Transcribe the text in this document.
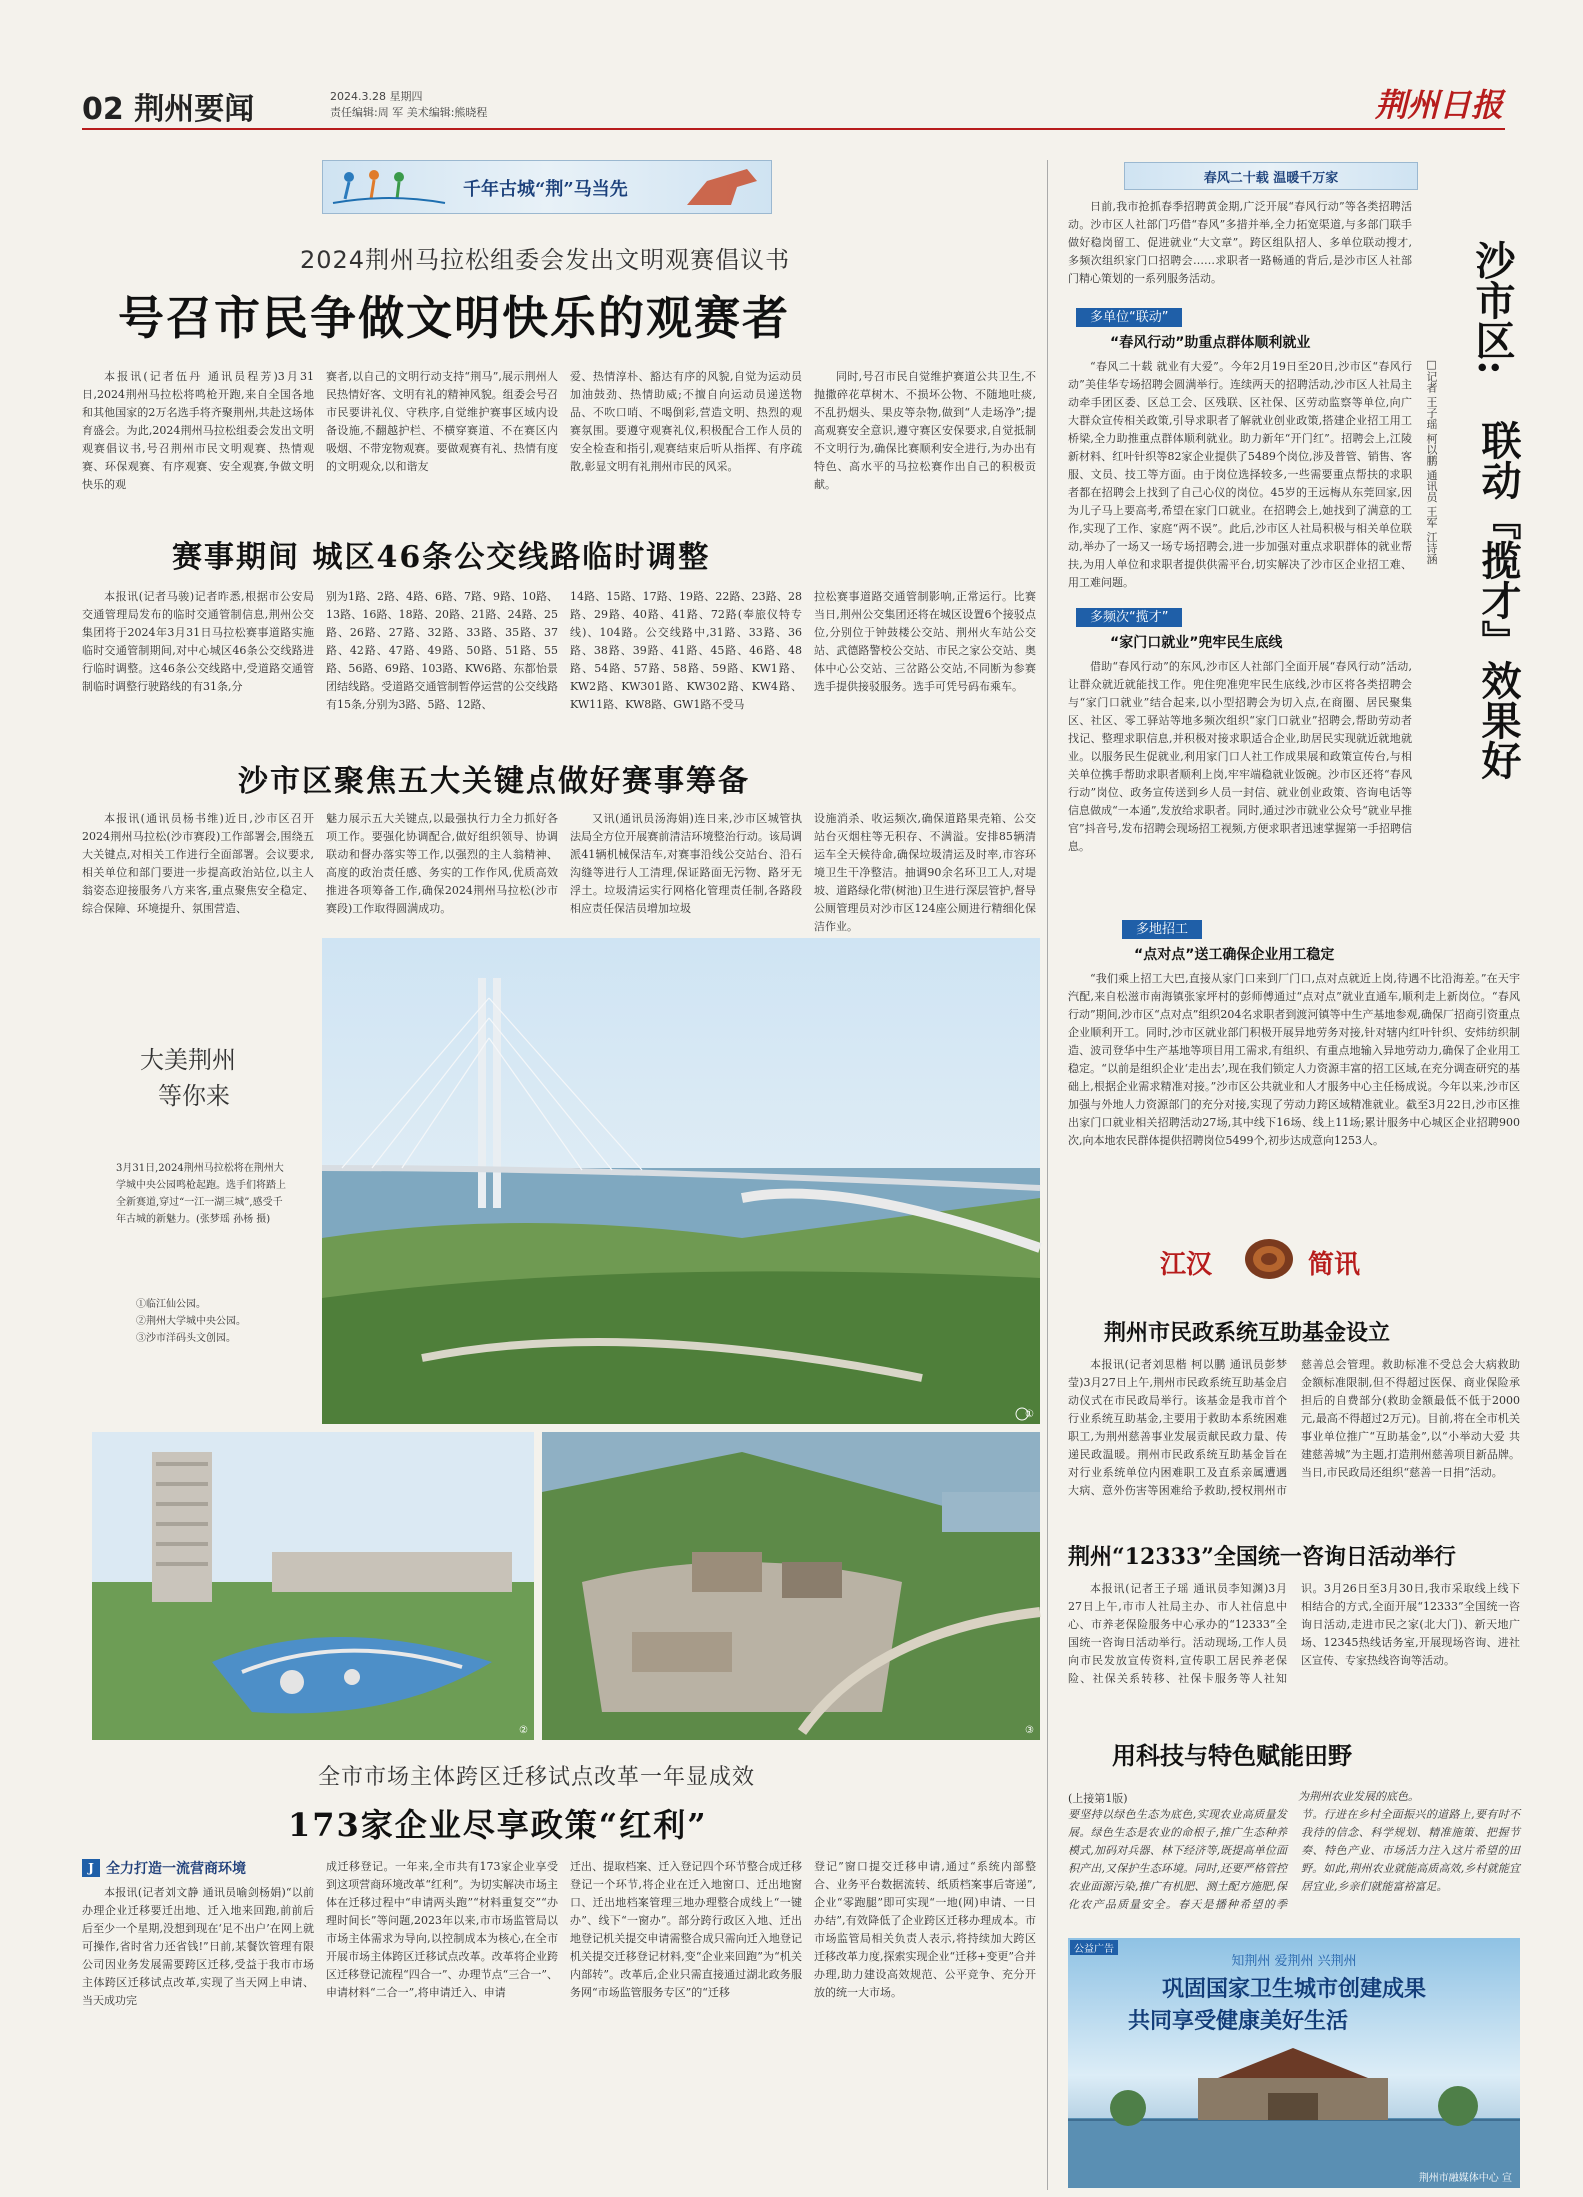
02 荆州要闻	2024.3.28 星期四
责任编辑:周 军 美术编辑:熊晓程	荆州日报
千年古城“荆”马当先
2024荆州马拉松组委会发出文明观赛倡议书
号召市民争做文明快乐的观赛者

本报讯(记者伍丹 通讯员程芳)3月31日,2024荆州马拉松将鸣枪开跑,来自全国各地和其他国家的2万名选手将齐聚荆州,共赴这场体育盛会。为此,2024荆州马拉松组委会发出文明观赛倡议书,号召荆州市民文明观赛、热情观赛、环保观赛、有序观赛、安全观赛,争做文明快乐的观

赛者,以自己的文明行动支持“荆马”,展示荆州人民热情好客、文明有礼的精神风貌。组委会号召市民要讲礼仪、守秩序,自觉维护赛事区域内设备设施,不翻越护栏、不横穿赛道、不在赛区内吸烟、不带宠物观赛。要做观赛有礼、热情有度的文明观众,以和谐友

爱、热情淳朴、豁达有序的风貌,自觉为运动员加油鼓劲、热情助威;不擅自向运动员递送物品、不吹口哨、不喝倒彩,营造文明、热烈的观赛氛围。要遵守观赛礼仪,积极配合工作人员的安全检查和指引,观赛结束后听从指挥、有序疏散,彰显文明有礼荆州市民的风采。

同时,号召市民自觉维护赛道公共卫生,不抛撒碎花草树木、不损坏公物、不随地吐痰,不乱扔烟头、果皮等杂物,做到“人走场净”;提高观赛安全意识,遵守赛区安保要求,自觉抵制不文明行为,确保比赛顺利安全进行,为办出有特色、高水平的马拉松赛作出自己的积极贡献。

赛事期间 城区46条公交线路临时调整

本报讯(记者马骏)记者昨悉,根据市公安局交通管理局发布的临时交通管制信息,荆州公交集团将于2024年3月31日马拉松赛事道路实施临时交通管制期间,对中心城区46条公交线路进行临时调整。这46条公交线路中,受道路交通管制临时调整行驶路线的有31条,分

别为1路、2路、4路、6路、7路、9路、10路、13路、16路、18路、20路、21路、24路、25路、26路、27路、32路、33路、35路、37路、42路、47路、49路、50路、51路、55路、56路、69路、103路、KW6路、东都怡景团结线路。受道路交通管制暂停运营的公交线路有15条,分别为3路、5路、12路、

14路、15路、17路、19路、22路、23路、28路、29路、40路、41路、72路(奉旅仪特专线)、104路。公交线路中,31路、33路、36路、38路、39路、41路、45路、46路、48路、54路、57路、58路、59路、KW1路、KW2路、KW301路、KW302路、KW4路、KW11路、KW8路、GW1路不受马

拉松赛事道路交通管制影响,正常运行。比赛当日,荆州公交集团还将在城区设置6个接驳点位,分别位于钟鼓楼公交站、荆州火车站公交站、武德路警校公交站、市民之家公交站、奥体中心公交站、三岔路公交站,不同断为参赛选手提供接驳服务。选手可凭号码布乘车。

沙市区聚焦五大关键点做好赛事筹备

本报讯(通讯员杨书维)近日,沙市区召开2024荆州马拉松(沙市赛段)工作部署会,围绕五大关键点,对相关工作进行全面部署。会议要求,相关单位和部门要进一步提高政治站位,以主人翁姿态迎接服务八方来客,重点聚焦安全稳定、综合保障、环境提升、氛围营造、

魅力展示五大关键点,以最强执行力全力抓好各项工作。要强化协调配合,做好组织领导、协调联动和督办落实等工作,以强烈的主人翁精神、高度的政治责任感、务实的工作作风,优质高效推进各项筹备工作,确保2024荆州马拉松(沙市赛段)工作取得圆满成功。

又讯(通讯员汤海娟)连日来,沙市区城管执法局全方位开展赛前清洁环境整治行动。该局调派41辆机械保洁车,对赛事沿线公交站台、沿石沟缝等进行人工清理,保证路面无污物、路牙无浮土。垃圾清运实行网格化管理责任制,各路段相应责任保洁员增加垃圾

设施消杀、收运频次,确保道路果壳箱、公交站台灭烟柱等无积存、不满溢。安排85辆清运车全天候待命,确保垃圾清运及时率,市容环境卫生干净整洁。抽调90余名环卫工人,对堤坡、道路绿化带(树池)卫生进行深层管护,督导公厕管理员对沙市区124座公厕进行精细化保洁作业。

大美荆州
等你来
3月31日,2024荆州马拉松将在荆州大学城中央公园鸣枪起跑。选手们将踏上全新赛道,穿过“一江一湖三城”,感受千年古城的新魅力。(张梦瑶 孙杨 摄)
①临江仙公园。
②荆州大学城中央公园。
③沙市洋码头文创园。
①
②	③
全市市场主体跨区迁移试点改革一年显成效
173家企业尽享政策“红利”
J 全力打造一流营商环境

本报讯(记者刘文静 通讯员喻剑杨娟)“以前办理企业迁移要迁出地、迁入地来回跑,前前后后至少一个星期,没想到现在‘足不出户’在网上就可操作,省时省力还省钱!”日前,某餐饮管理有限公司因业务发展需要跨区迁移,受益于我市市场主体跨区迁移试点改革,实现了当天网上申请、当天成功完

成迁移登记。一年来,全市共有173家企业享受到这项营商环境改革“红利”。为切实解决市场主体在迁移过程中“申请两头跑”“材料重复交”“办理时间长”等问题,2023年以来,市市场监管局以市场主体需求为导向,以控制成本为核心,在全市开展市场主体跨区迁移试点改革。改革将企业跨区迁移登记流程“四合一”、办理节点“三合一”、申请材料“二合一”,将申请迁入、申请

迁出、提取档案、迁入登记四个环节整合成迁移登记一个环节,将企业在迁入地窗口、迁出地窗口、迁出地档案管理三地办理整合成线上“一键办”、线下“一窗办”。部分跨行政区入地、迁出地登记机关提交申请需整合成只需向迁入地登记机关提交迁移登记材料,变“企业来回跑”为“机关内部转”。改革后,企业只需直接通过湖北政务服务网“市场监管服务专区”的“迁移

登记”窗口提交迁移申请,通过“系统内部整合、业务平台数据流转、纸质档案事后寄递”,企业“零跑腿”即可实现“一地(网)申请、一日办结”,有效降低了企业跨区迁移办理成本。市市场监管局相关负责人表示,将持续加大跨区迁移改革力度,探索实现企业“迁移+变更”合并办理,助力建设高效规范、公平竞争、充分开放的统一大市场。

春风二十载 温暖千万家
沙市区:
联动『揽才』效果好
□记者 王子瑶 柯以鹏 通讯员 王军 江诗涵

日前,我市抢抓春季招聘黄金期,广泛开展“春风行动”等各类招聘活动。沙市区人社部门巧借“春风”多措并举,全力拓宽渠道,与多部门联手做好稳岗留工、促进就业“大文章”。跨区组队招人、多单位联动搜才,多频次组织家门口招聘会……求职者一路畅通的背后,是沙市区人社部门精心策划的一系列服务活动。

多单位“联动”
“春风行动”助重点群体顺利就业

“春风二十载 就业有大爱”。今年2月19日至20日,沙市区“春风行动”美佳华专场招聘会圆满举行。连续两天的招聘活动,沙市区人社局主动牵手团区委、区总工会、区残联、区社保、区劳动监察等单位,向广大群众宣传相关政策,引导求职者了解就业创业政策,搭建企业招工用工桥梁,全力助推重点群体顺利就业。助力新年“开门红”。招聘会上,江陵新材料、红叶针织等82家企业提供了5489个岗位,涉及普管、销售、客服、文员、技工等方面。由于岗位选择较多,一些需要重点帮扶的求职者都在招聘会上找到了自己心仪的岗位。45岁的王远梅从东莞回家,因为儿子马上要高考,希望在家门口就业。在招聘会上,她找到了满意的工作,实现了工作、家庭“两不误”。此后,沙市区人社局积极与相关单位联动,举办了一场又一场专场招聘会,进一步加强对重点求职群体的就业帮扶,为用人单位和求职者提供供需平台,切实解决了沙市区企业招工难、用工难问题。

多频次“揽才”
“家门口就业”兜牢民生底线

借助“春风行动”的东风,沙市区人社部门全面开展“春风行动”活动,让群众就近就能找工作。兜住兜准兜牢民生底线,沙市区将各类招聘会与“家门口就业”结合起来,以小型招聘会为切入点,在商圈、居民聚集区、社区、零工驿站等地多频次组织“家门口就业”招聘会,帮助劳动者找记、整理求职信息,并积极对接求职适合企业,助居民实现就近就地就业。以服务民生促就业,利用家门口人社工作成果展和政策宣传台,与相关单位携手帮助求职者顺利上岗,牢牢端稳就业饭碗。沙市区还将“春风行动”岗位、政务宣传送到乡人员一封信、就业创业政策、咨询电话等信息做成“一本通”,发放给求职者。同时,通过沙市就业公众号“就业早推官”抖音号,发布招聘会现场招工视频,方便求职者迅速掌握第一手招聘信息。

多地招工
“点对点”送工确保企业用工稳定

“我们乘上招工大巴,直接从家门口来到厂门口,点对点就近上岗,待遇不比沿海差。”在天宇汽配,来自松滋市南海镇张家坪村的彭师傅通过“点对点”就业直通车,顺利走上新岗位。“春风行动”期间,沙市区“点对点”组织204名求职者到渡河镇等中生产基地参观,确保厂招商引资重点企业顺利开工。同时,沙市区就业部门积极开展异地劳务对接,针对辖内红叶针织、安炜纺织制造、波司登华中生产基地等项目用工需求,有组织、有重点地输入异地劳动力,确保了企业用工稳定。“以前是组织企业‘走出去’,现在我们锁定人力资源丰富的招工区域,在充分调查研究的基础上,根据企业需求精准对接。”沙市区公共就业和人才服务中心主任杨成说。今年以来,沙市区加强与外地人力资源部门的充分对接,实现了劳动力跨区域精准就业。截至3月22日,沙市区推出家门口就业相关招聘活动27场,其中线下16场、线上11场;累计服务中心城区企业招聘900次,向本地农民群体提供招聘岗位5499个,初步达成意向1253人。

江汉	简讯
荆州市民政系统互助基金设立

本报讯(记者刘思楷 柯以鹏 通讯员彭梦莹)3月27日上午,荆州市民政系统互助基金启动仪式在市民政局举行。该基金是我市首个行业系统互助基金,主要用于救助本系统困难职工,为荆州慈善事业发展贡献民政力量、传递民政温暖。荆州市民政系统互助基金旨在对行业系统单位内困难职工及直系亲属遭遇大病、意外伤害等困难给予救助,授权荆州市慈善总会管理。救助标准不受总会大病救助金额标准限制,但不得超过医保、商业保险承担后的自费部分(救助金额最低不低于2000元,最高不得超过2万元)。目前,将在全市机关事业单位推广“互助基金”,以“小举动大爱 共建慈善城”为主题,打造荆州慈善项目新品牌。当日,市民政局还组织“慈善一日捐”活动。

荆州“12333”全国统一咨询日活动举行

本报讯(记者王子瑶 通讯员李知渊)3月27日上午,市市人社局主办、市人社信息中心、市养老保险服务中心承办的“12333”全国统一咨询日活动举行。活动现场,工作人员向市民发放宣传资料,宣传职工居民养老保险、社保关系转移、社保卡服务等人社知识。3月26日至3月30日,我市采取线上线下相结合的方式,全面开展“12333”全国统一咨询日活动,走进市民之家(北大门)、新天地广场、12345热线话务室,开展现场咨询、进社区宣传、专家热线咨询等活动。

用科技与特色赋能田野
(上接第1版)

要坚持以绿色生态为底色,实现农业高质量发展。绿色生态是农业的命根子,推广生态种养模式,加码对兵器、林下经济等,既提高单位面积产出,又保护生态环境。同时,还要严格管控农业面源污染,推广有机肥、测土配方施肥,保化农产品质量安全。春天是播种希望的季节。行进在乡村全面振兴的道路上,要有时不我待的信念、科学规划、精准施策、把握节奏、特色产业、市场活力注入这片希望的田野。如此,荆州农业就能高质高效,乡村就能宜居宜业,乡亲们就能富裕富足。

为荆州农业发展的底色。
公益广告
知荆州 爱荆州 兴荆州
巩固国家卫生城市创建成果
共同享受健康美好生活
荆州市融媒体中心 宣
